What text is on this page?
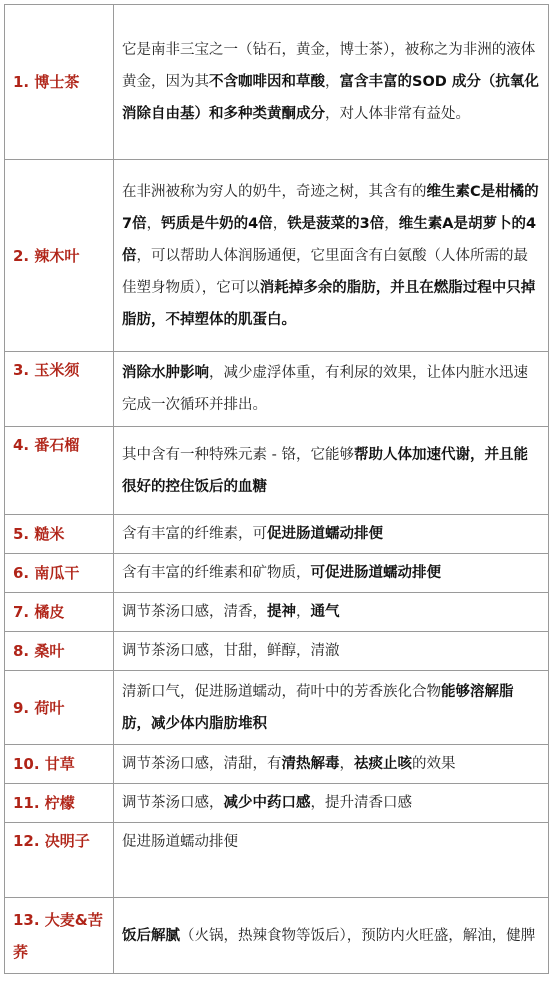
1. 博士茶	它是南非三宝之一（钻石，黄金，博士茶），被称之为非洲的液体黄金，因为其不含咖啡因和草酸，富含丰富的SOD 成分（抗氧化消除自由基）和多种类黄酮成分，对人体非常有益处。
2. 辣木叶	在非洲被称为穷人的奶牛，奇迹之树，其含有的维生素C是柑橘的7倍，钙质是牛奶的4倍，铁是菠菜的3倍，维生素A是胡萝卜的4倍，可以帮助人体润肠通便，它里面含有白氨酸（人体所需的最佳塑身物质），它可以消耗掉多余的脂肪，并且在燃脂过程中只掉脂肪，不掉塑体的肌蛋白。
3. 玉米须	消除水肿影响，减少虚浮体重，有利尿的效果，让体内脏水迅速完成一次循环并排出。
4. 番石榴	其中含有一种特殊元素 - 铬，它能够帮助人体加速代谢，并且能很好的控住饭后的血糖
5. 糙米	含有丰富的纤维素，可促进肠道蠕动排便
6. 南瓜干	含有丰富的纤维素和矿物质，可促进肠道蠕动排便
7. 橘皮	调节茶汤口感，清香，提神，通气
8. 桑叶	调节茶汤口感，甘甜，鲜醇，清澈
9. 荷叶	清新口气，促进肠道蠕动，荷叶中的芳香族化合物能够溶解脂肪，减少体内脂肪堆积
10. 甘草	调节茶汤口感，清甜，有清热解毒，祛痰止咳的效果
11. 柠檬	调节茶汤口感，减少中药口感，提升清香口感
12. 决明子	促进肠道蠕动排便
13. 大麦&苦荞	饭后解腻（火锅，热辣食物等饭后），预防内火旺盛，解油，健脾
